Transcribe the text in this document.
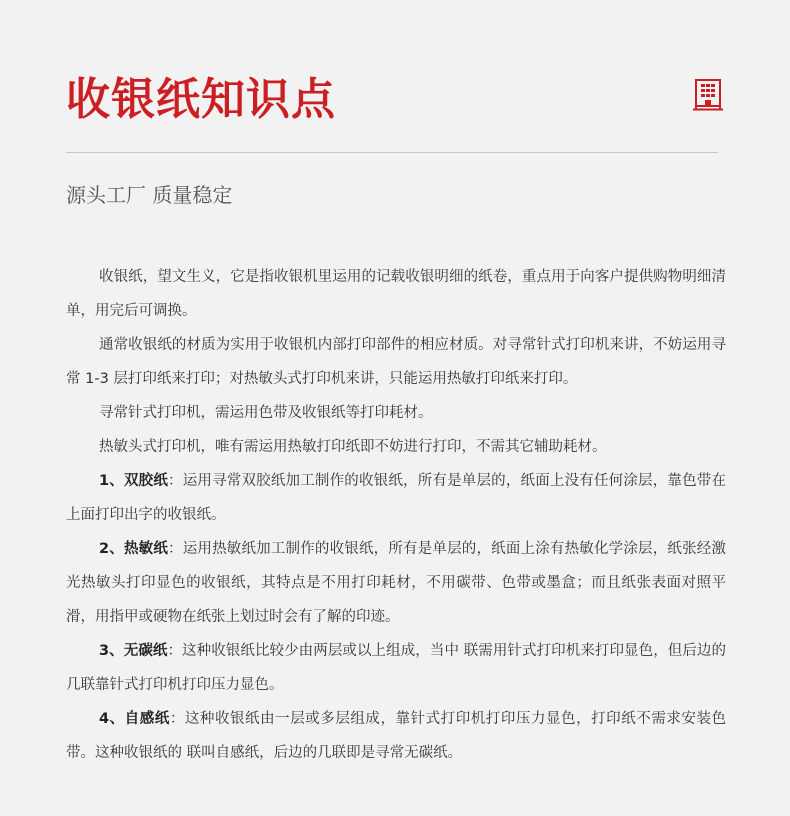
收银纸知识点
源头工厂 质量稳定

收银纸，望文生义，它是指收银机里运用的记载收银明细的纸卷，重点用于向客户提供购物明细清单，用完后可调换。

通常收银纸的材质为实用于收银机内部打印部件的相应材质。对寻常针式打印机来讲，不妨运用寻常 1-3 层打印纸来打印；对热敏头式打印机来讲，只能运用热敏打印纸来打印。

寻常针式打印机，需运用色带及收银纸等打印耗材。

热敏头式打印机，唯有需运用热敏打印纸即不妨进行打印，不需其它辅助耗材。

1、双胶纸：运用寻常双胶纸加工制作的收银纸，所有是单层的，纸面上没有任何涂层，靠色带在上面打印出字的收银纸。

2、热敏纸：运用热敏纸加工制作的收银纸，所有是单层的，纸面上涂有热敏化学涂层，纸张经激光热敏头打印显色的收银纸，其特点是不用打印耗材，不用碳带、色带或墨盒；而且纸张表面对照平滑，用指甲或硬物在纸张上划过时会有了解的印迹。

3、无碳纸：这种收银纸比较少由两层或以上组成，当中 联需用针式打印机来打印显色，但后边的几联靠针式打印机打印压力显色。

4、自感纸：这种收银纸由一层或多层组成，靠针式打印机打印压力显色，打印纸不需求安装色带。这种收银纸的 联叫自感纸，后边的几联即是寻常无碳纸。
